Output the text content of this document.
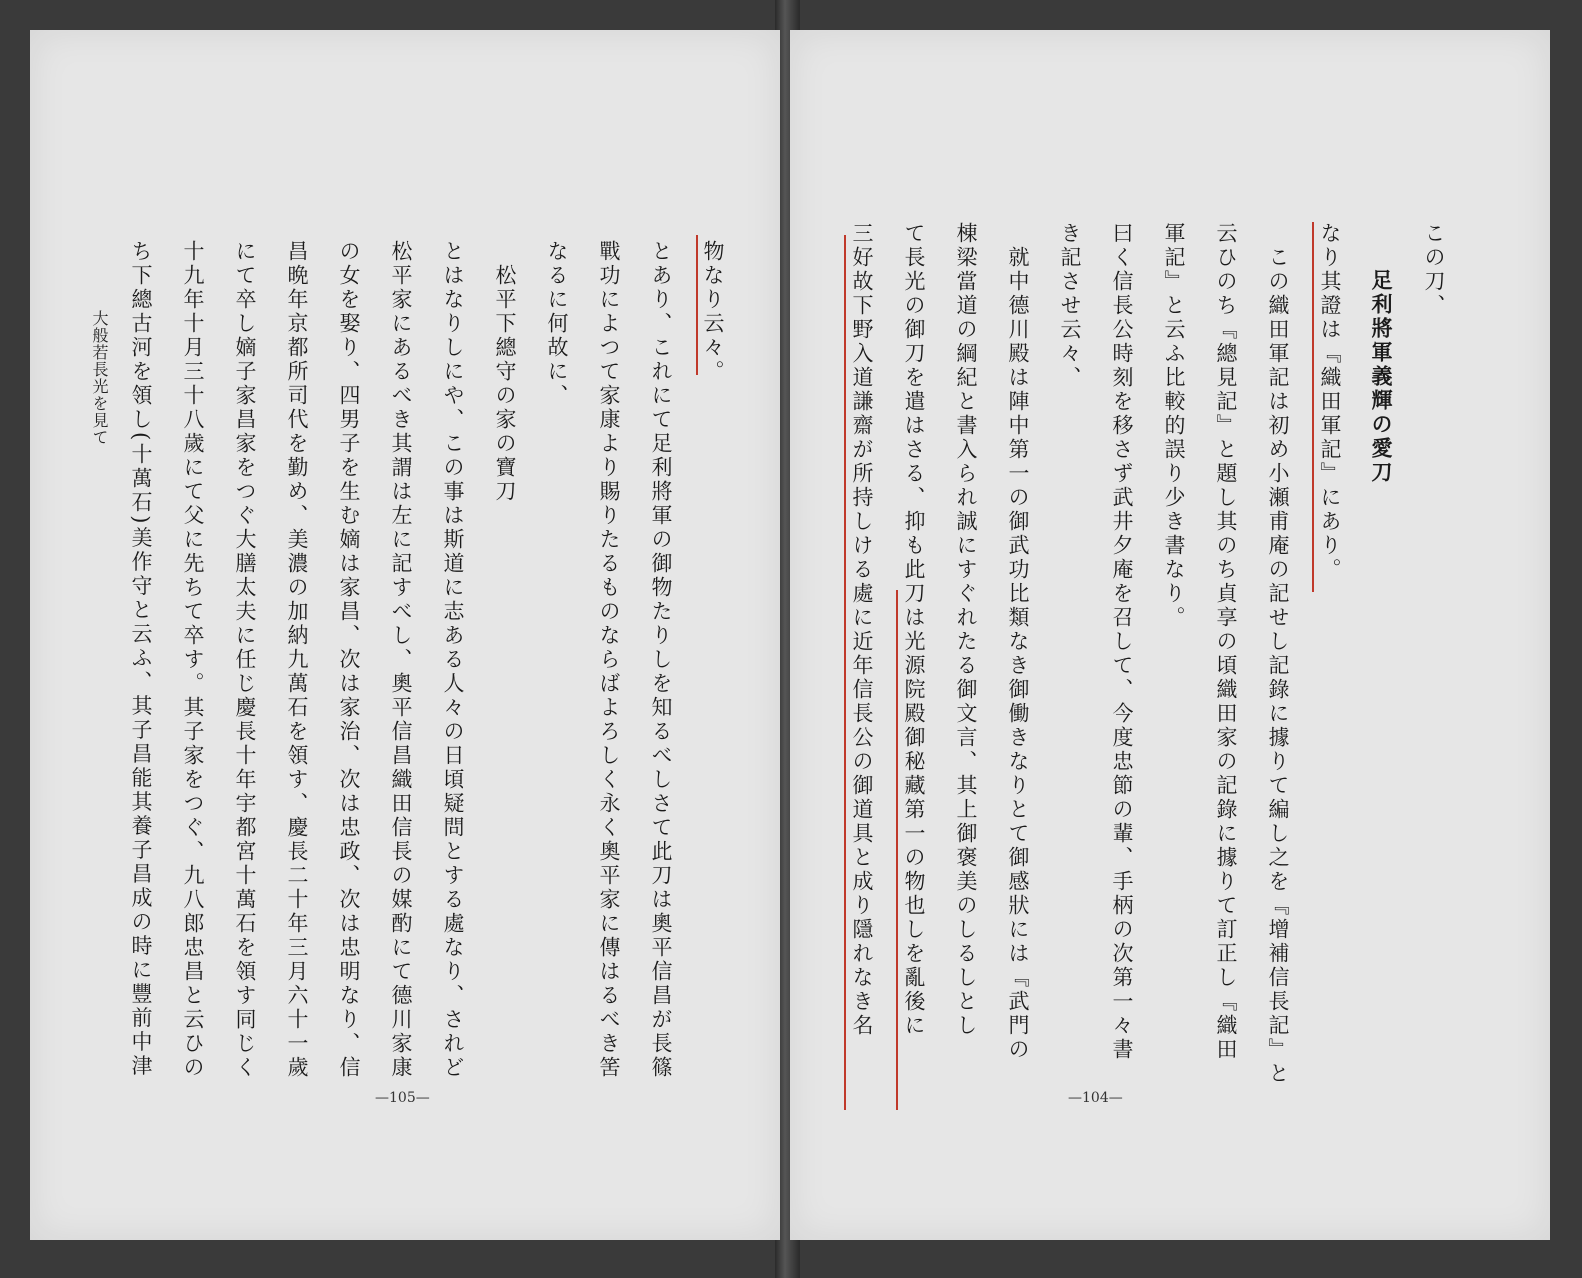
この刀、
　足利將軍義輝の愛刀
なり其證は『織田軍記』にあり。
　この織田軍記は初め小瀬甫庵の記せし記錄に據りて編し之を『增補信長記』と
云ひのち『總見記』と題し其のち貞享の頃織田家の記錄に據りて訂正し『織田
軍記』と云ふ比較的誤り少き書なり。
曰く信長公時刻を移さず武井夕庵を召して、今度忠節の輩、手柄の次第一々書
き記させ云々、
　就中德川殿は陣中第一の御武功比類なき御働きなりとて御感狀には『武門の
棟梁當道の綱紀と書入られ誠にすぐれたる御文言、其上御褒美のしるしとし
て長光の御刀を遣はさる、抑も此刀は光源院殿御秘藏第一の物也しを亂後に
三好故下野入道謙齋が所持しける處に近年信長公の御道具と成り隱れなき名
—104—
物なり云々。
とあり、これにて足利將軍の御物たりしを知るべしさて此刀は奧平信昌が長篠
戰功によつて家康より賜りたるものならばよろしく永く奧平家に傳はるべき筈
なるに何故に、
　松平下總守の家の寶刀
とはなりしにや、この事は斯道に志ある人々の日頃疑問とする處なり、されど
松平家にあるべき其謂は左に記すべし、奧平信昌織田信長の媒酌にて德川家康
の女を娶り、四男子を生む嫡は家昌、次は家治、次は忠政、次は忠明なり、信
昌晩年京都所司代を勤め、美濃の加納九萬石を領す、慶長二十年三月六十一歲
にて卒し嫡子家昌家をつぐ大膳太夫に任じ慶長十年宇都宮十萬石を領す同じく
十九年十月三十八歲にて父に先ちて卒す。其子家をつぐ、九八郎忠昌と云ひの
ち下總古河を領し(十萬石)美作守と云ふ、其子昌能其養子昌成の時に豐前中津
大般若長光を見て
—105—
